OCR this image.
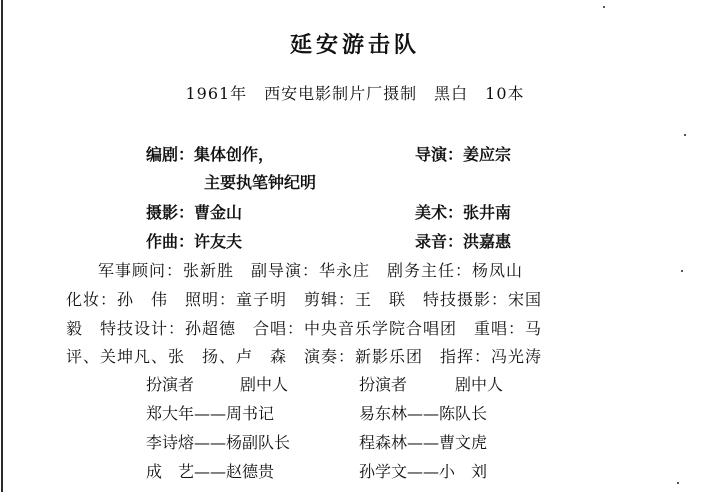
延安游击队
1961年　西安电影制片厂摄制　黑白　10本
编剧：集体创作，	导演：姜应宗
主要执笔钟纪明
摄影：曹金山	美术：张井南
作曲：许友夫	录音：洪嘉惠
军事顾问：张新胜　副导演：华永庄　剧务主任：杨凤山
化妆：孙　伟　照明：童子明　剪辑：王　联　特技摄影：宋国
毅　特技设计：孙超德　合唱：中央音乐学院合唱团　重唱：马
评、关坤凡、张　扬、卢　森　演奏：新影乐团　指挥：冯光涛
扮演者	剧中人	扮演者	剧中人
郑大年——周书记	易东林——陈队长
李诗熔——杨副队长	程森林——曹文虎
成　艺——赵德贵	孙学文——小　刘
